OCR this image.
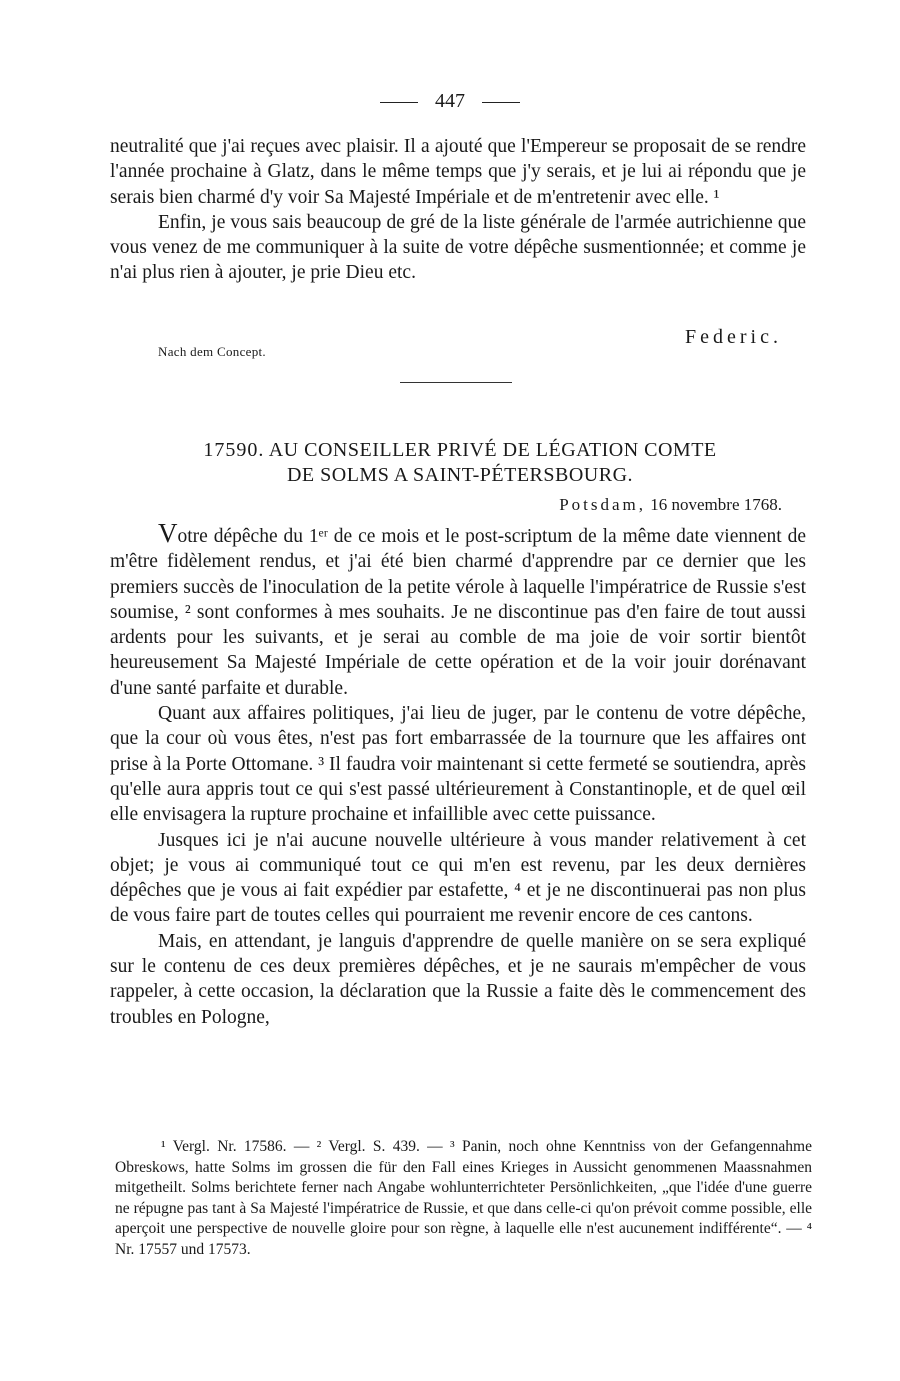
447

neutralité que j'ai reçues avec plaisir. Il a ajouté que l'Empereur se proposait de se rendre l'année prochaine à Glatz, dans le même temps que j'y serais, et je lui ai répondu que je serais bien charmé d'y voir Sa Majesté Impériale et de m'entretenir avec elle. ¹

Enfin, je vous sais beaucoup de gré de la liste générale de l'armée autrichienne que vous venez de me communiquer à la suite de votre dépêche susmentionnée; et comme je n'ai plus rien à ajouter, je prie Dieu etc.

Nach dem Concept.
Federic.
17590. AU CONSEILLER PRIVÉ DE LÉGATION COMTE
DE SOLMS A SAINT-PÉTERSBOURG.
Potsdam, 16 novembre 1768.

Votre dépêche du 1ᵉʳ de ce mois et le post-scriptum de la même date viennent de m'être fidèlement rendus, et j'ai été bien charmé d'apprendre par ce dernier que les premiers succès de l'inoculation de la petite vérole à laquelle l'impératrice de Russie s'est soumise, ² sont conformes à mes souhaits. Je ne discontinue pas d'en faire de tout aussi ardents pour les suivants, et je serai au comble de ma joie de voir sortir bientôt heureusement Sa Majesté Impériale de cette opération et de la voir jouir dorénavant d'une santé parfaite et durable.

Quant aux affaires politiques, j'ai lieu de juger, par le contenu de votre dépêche, que la cour où vous êtes, n'est pas fort embarrassée de la tournure que les affaires ont prise à la Porte Ottomane. ³ Il faudra voir maintenant si cette fermeté se soutiendra, après qu'elle aura appris tout ce qui s'est passé ultérieurement à Constantinople, et de quel œil elle envisagera la rupture prochaine et infaillible avec cette puissance.

Jusques ici je n'ai aucune nouvelle ultérieure à vous mander relativement à cet objet; je vous ai communiqué tout ce qui m'en est revenu, par les deux dernières dépêches que je vous ai fait expédier par estafette, ⁴ et je ne discontinuerai pas non plus de vous faire part de toutes celles qui pourraient me revenir encore de ces cantons.

Mais, en attendant, je languis d'apprendre de quelle manière on se sera expliqué sur le contenu de ces deux premières dépêches, et je ne saurais m'empêcher de vous rappeler, à cette occasion, la déclaration que la Russie a faite dès le commencement des troubles en Pologne,

¹ Vergl. Nr. 17586. — ² Vergl. S. 439. — ³ Panin, noch ohne Kenntniss von der Gefangennahme Obreskows, hatte Solms im grossen die für den Fall eines Krieges in Aussicht genommenen Maassnahmen mitgetheilt. Solms berichtete ferner nach Angabe wohlunterrichteter Persönlichkeiten, „que l'idée d'une guerre ne répugne pas tant à Sa Majesté l'impératrice de Russie, et que dans celle-ci qu'on prévoit comme possible, elle aperçoit une perspective de nouvelle gloire pour son règne, à laquelle elle n'est aucunement indifférente“. — ⁴ Nr. 17557 und 17573.
